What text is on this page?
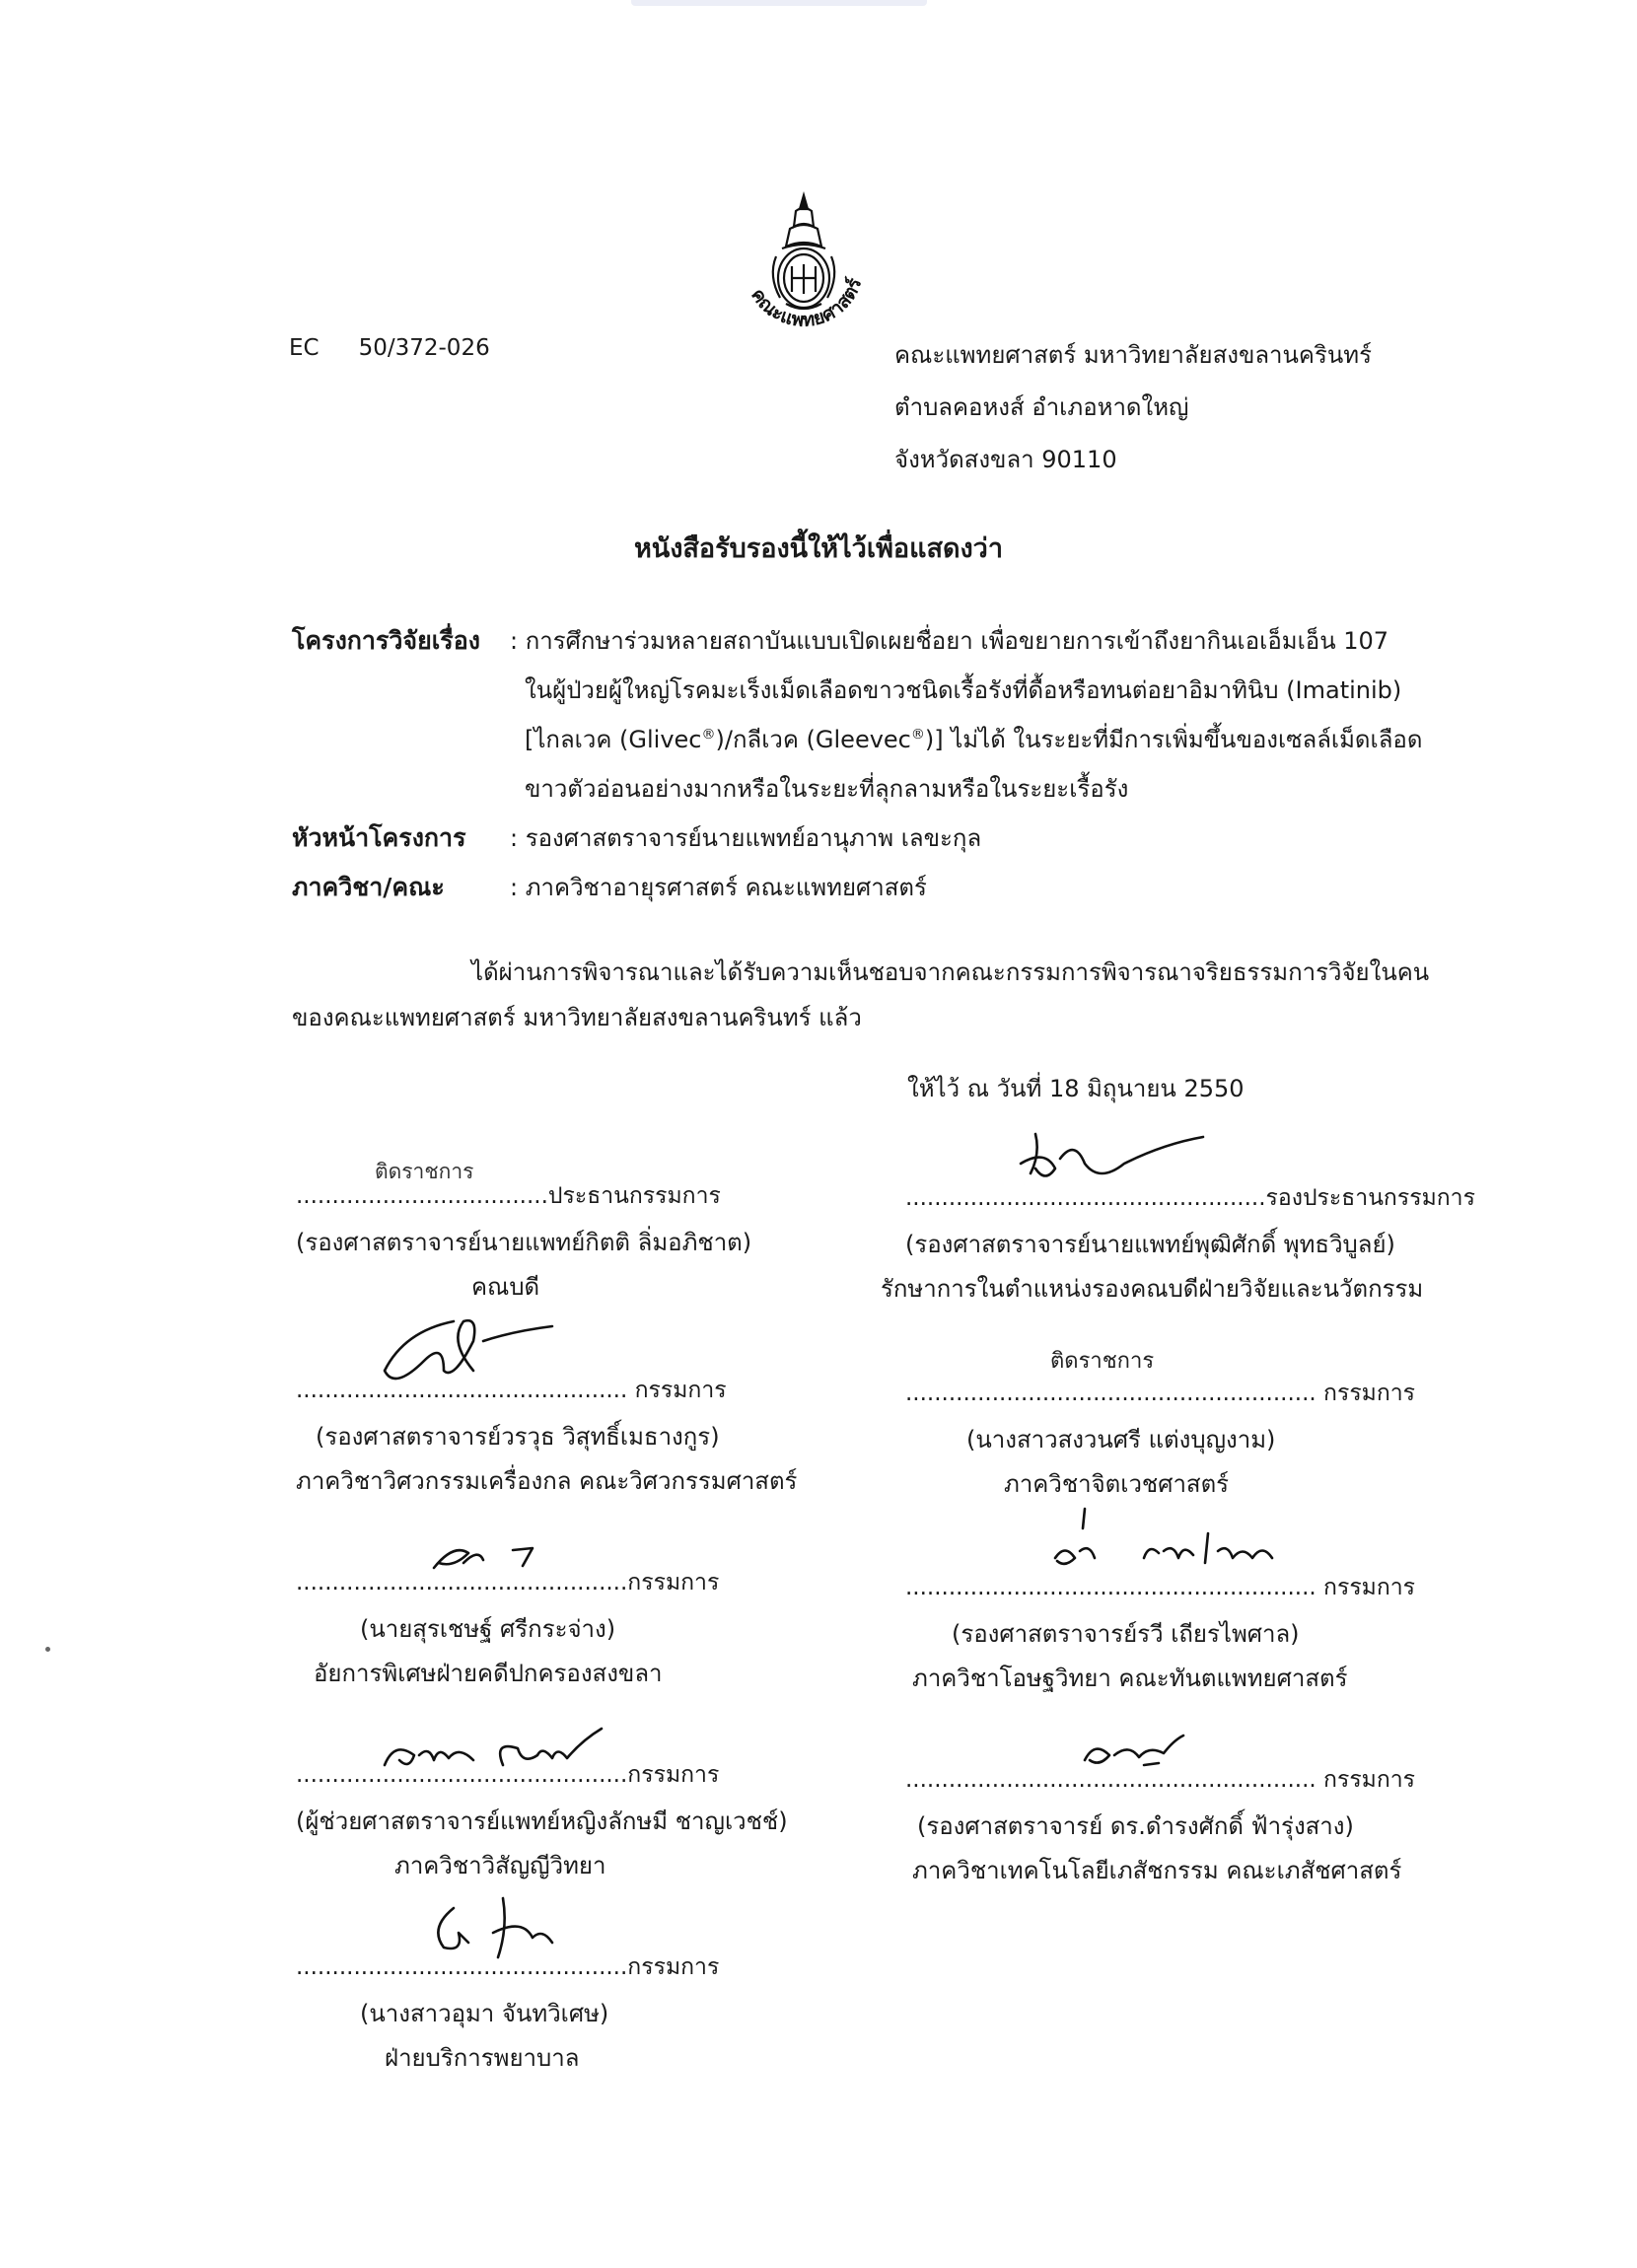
คณะแพทยศาสตร์
EC 50/372-026	คณะแพทยศาสตร์ มหาวิทยาลัยสงขลานครินทร์
ตำบลคอหงส์ อำเภอหาดใหญ่
จังหวัดสงขลา 90110
หนังสือรับรองนี้ให้ไว้เพื่อแสดงว่า
โครงการวิจัยเรื่อง : การศึกษาร่วมหลายสถาบันแบบเปิดเผยชื่อยา เพื่อขยายการเข้าถึงยากินเอเอ็มเอ็น 107
ในผู้ป่วยผู้ใหญ่โรคมะเร็งเม็ดเลือดขาวชนิดเรื้อรังที่ดื้อหรือทนต่อยาอิมาทินิบ (Imatinib)
[ไกลเวค (Glivec®)/กลีเวค (Gleevec®)] ไม่ได้ ในระยะที่มีการเพิ่มขึ้นของเซลล์เม็ดเลือด
ขาวตัวอ่อนอย่างมากหรือในระยะที่ลุกลามหรือในระยะเรื้อรัง
หัวหน้าโครงการ : รองศาสตราจารย์นายแพทย์อานุภาพ เลขะกุล
ภาควิชา/คณะ	: ภาควิชาอายุรศาสตร์ คณะแพทยศาสตร์
ได้ผ่านการพิจารณาและได้รับความเห็นชอบจากคณะกรรมการพิจารณาจริยธรรมการวิจัยในคน
ของคณะแพทยศาสตร์ มหาวิทยาลัยสงขลานครินทร์ แล้ว
ให้ไว้ ณ วันที่ 18 มิถุนายน 2550
ติดราชการ
...................................ประธานกรรมการ
(รองศาสตราจารย์นายแพทย์กิตติ ลิ่มอภิชาต)
คณบดี
.............................................. กรรมการ
(รองศาสตราจารย์วรวุธ วิสุทธิ์เมธางกูร)
ภาควิชาวิศวกรรมเครื่องกล คณะวิศวกรรมศาสตร์
..............................................กรรมการ
(นายสุรเชษฐ์ ศรีกระจ่าง)
อัยการพิเศษฝ่ายคดีปกครองสงขลา
..............................................กรรมการ
(ผู้ช่วยศาสตราจารย์แพทย์หญิงลักษมี ชาญเวชช์)
ภาควิชาวิสัญญีวิทยา
..............................................กรรมการ
(นางสาวอุมา จันทวิเศษ)
ฝ่ายบริการพยาบาล
..................................................รองประธานกรรมการ
(รองศาสตราจารย์นายแพทย์พุฒิศักดิ์ พุทธวิบูลย์)
รักษาการในตำแหน่งรองคณบดีฝ่ายวิจัยและนวัตกรรม
ติดราชการ
......................................................... กรรมการ
(นางสาวสงวนศรี แต่งบุญงาม)
ภาควิชาจิตเวชศาสตร์
......................................................... กรรมการ
(รองศาสตราจารย์รวี เถียรไพศาล)
ภาควิชาโอษฐวิทยา คณะทันตแพทยศาสตร์
......................................................... กรรมการ
(รองศาสตราจารย์ ดร.ดำรงศักดิ์ ฟ้ารุ่งสาง)
ภาควิชาเทคโนโลยีเภสัชกรรม คณะเภสัชศาสตร์
